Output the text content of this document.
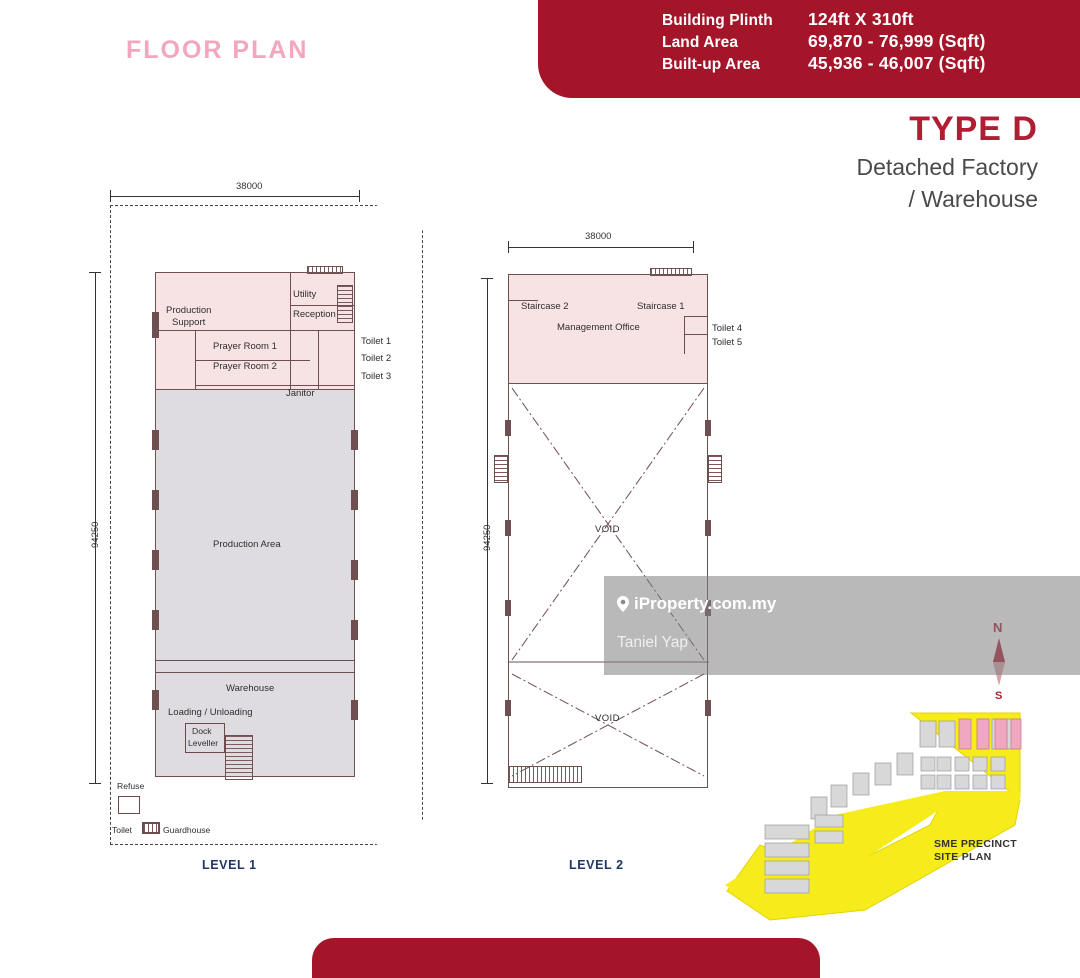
Building Plinth	124ft X 310ft
Land Area	69,870 - 76,999 (Sqft)
Built-up Area	45,936 - 46,007 (Sqft)
FLOOR PLAN
TYPE D
Detached Factory
/ Warehouse
38000
94250
Production
Support
Utility
Reception
Prayer Room 1
Prayer Room 2
Toilet 1
Toilet 2
Toilet 3
Janitor
Production Area
Warehouse
Loading / Unloading
Dock
Leveller
Refuse
Toilet	Guardhouse
LEVEL 1
38000
94250
Staircase 2	Staircase 1
Management Office	Toilet 4
Toilet 5
VOID
VOID
LEVEL 2
S
SME PRECINCT
SITE PLAN
iProperty.com.my
Taniel Yap
